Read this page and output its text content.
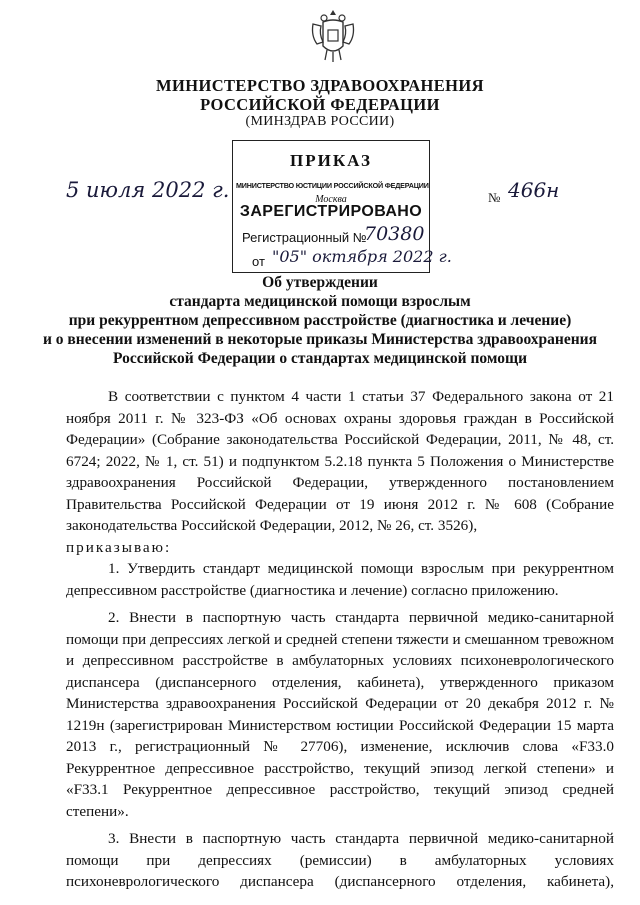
МИНИСТЕРСТВО ЗДРАВООХРАНЕНИЯ
РОССИЙСКОЙ ФЕДЕРАЦИИ
(МИНЗДРАВ РОССИИ)
5 июля 2022 г.	№ 466н
ПРИКАЗ
МИНИСТЕРСТВО ЮСТИЦИИ РОССИЙСКОЙ ФЕДЕРАЦИИ
Москва
ЗАРЕГИСТРИРОВАНО
Регистрационный №
70380
от "05" октября 2022 г.
Об утверждении
стандарта медицинской помощи взрослым
при рекуррентном депрессивном расстройстве (диагностика и лечение)
и о внесении изменений в некоторые приказы Министерства здравоохранения
Российской Федерации о стандартах медицинской помощи

В соответствии с пунктом 4 части 1 статьи 37 Федерального закона от 21 ноября 2011 г. № 323-ФЗ «Об основах охраны здоровья граждан в Российской Федерации» (Собрание законодательства Российской Федерации, 2011, № 48, ст. 6724; 2022, № 1, ст. 51) и подпунктом 5.2.18 пункта 5 Положения о Министерстве здравоохранения Российской Федерации, утвержденного постановлением Правительства Российской Федерации от 19 июня 2012 г. № 608 (Собрание законодательства Российской Федерации, 2012, № 26, ст. 3526),

приказываю:

1. Утвердить стандарт медицинской помощи взрослым при рекуррентном депрессивном расстройстве (диагностика и лечение) согласно приложению.

2. Внести в паспортную часть стандарта первичной медико-санитарной помощи при депрессиях легкой и средней степени тяжести и смешанном тревожном и депрессивном расстройстве в амбулаторных условиях психоневрологического диспансера (диспансерного отделения, кабинета), утвержденного приказом Министерства здравоохранения Российской Федерации от 20 декабря 2012 г. № 1219н (зарегистрирован Министерством юстиции Российской Федерации 15 марта 2013 г., регистрационный № 27706), изменение, исключив слова «F33.0 Рекуррентное депрессивное расстройство, текущий эпизод легкой степени» и «F33.1 Рекуррентное депрессивное расстройство, текущий эпизод средней степени».

3. Внести в паспортную часть стандарта первичной медико-санитарной помощи при депрессиях (ремиссии) в амбулаторных условиях психоневрологического диспансера (диспансерного отделения, кабинета),
